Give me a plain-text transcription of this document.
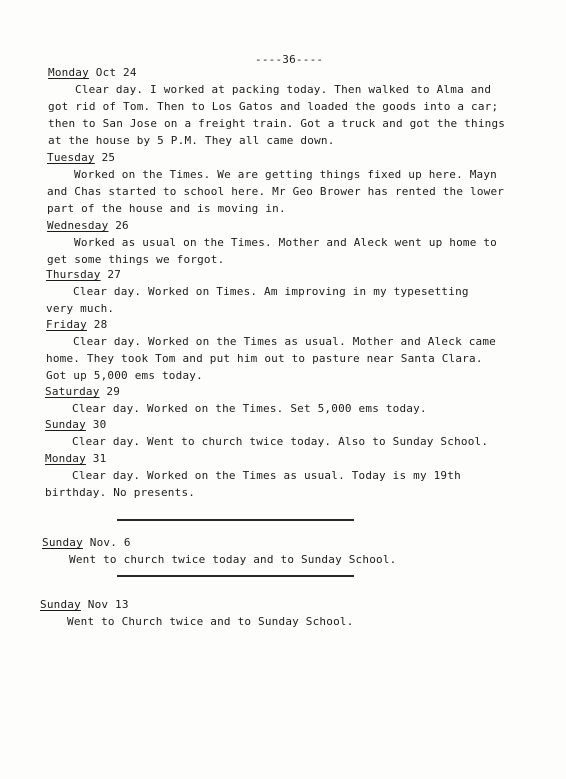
----36----
Monday Oct 24
Clear day. I worked at packing today. Then walked to Alma and
got rid of Tom. Then to Los Gatos and loaded the goods into a car;
then to San Jose on a freight train. Got a truck and got the things
at the house by 5 P.M. They all came down.
Tuesday 25
Worked on the Times. We are getting things fixed up here. Mayn
and Chas started to school here. Mr Geo Brower has rented the lower
part of the house and is moving in.
Wednesday 26
Worked as usual on the Times. Mother and Aleck went up home to
get some things we forgot.
Thursday 27
Clear day. Worked on Times. Am improving in my typesetting
very much.
Friday 28
Clear day. Worked on the Times as usual. Mother and Aleck came
home. They took Tom and put him out to pasture near Santa Clara.
Got up 5,000 ems today.
Saturday 29
Clear day. Worked on the Times. Set 5,000 ems today.
Sunday 30
Clear day. Went to church twice today. Also to Sunday School.
Monday 31
Clear day. Worked on the Times as usual. Today is my 19th
birthday. No presents.
Sunday Nov. 6
Went to church twice today and to Sunday School.
Sunday Nov 13
Went to Church twice and to Sunday School.
